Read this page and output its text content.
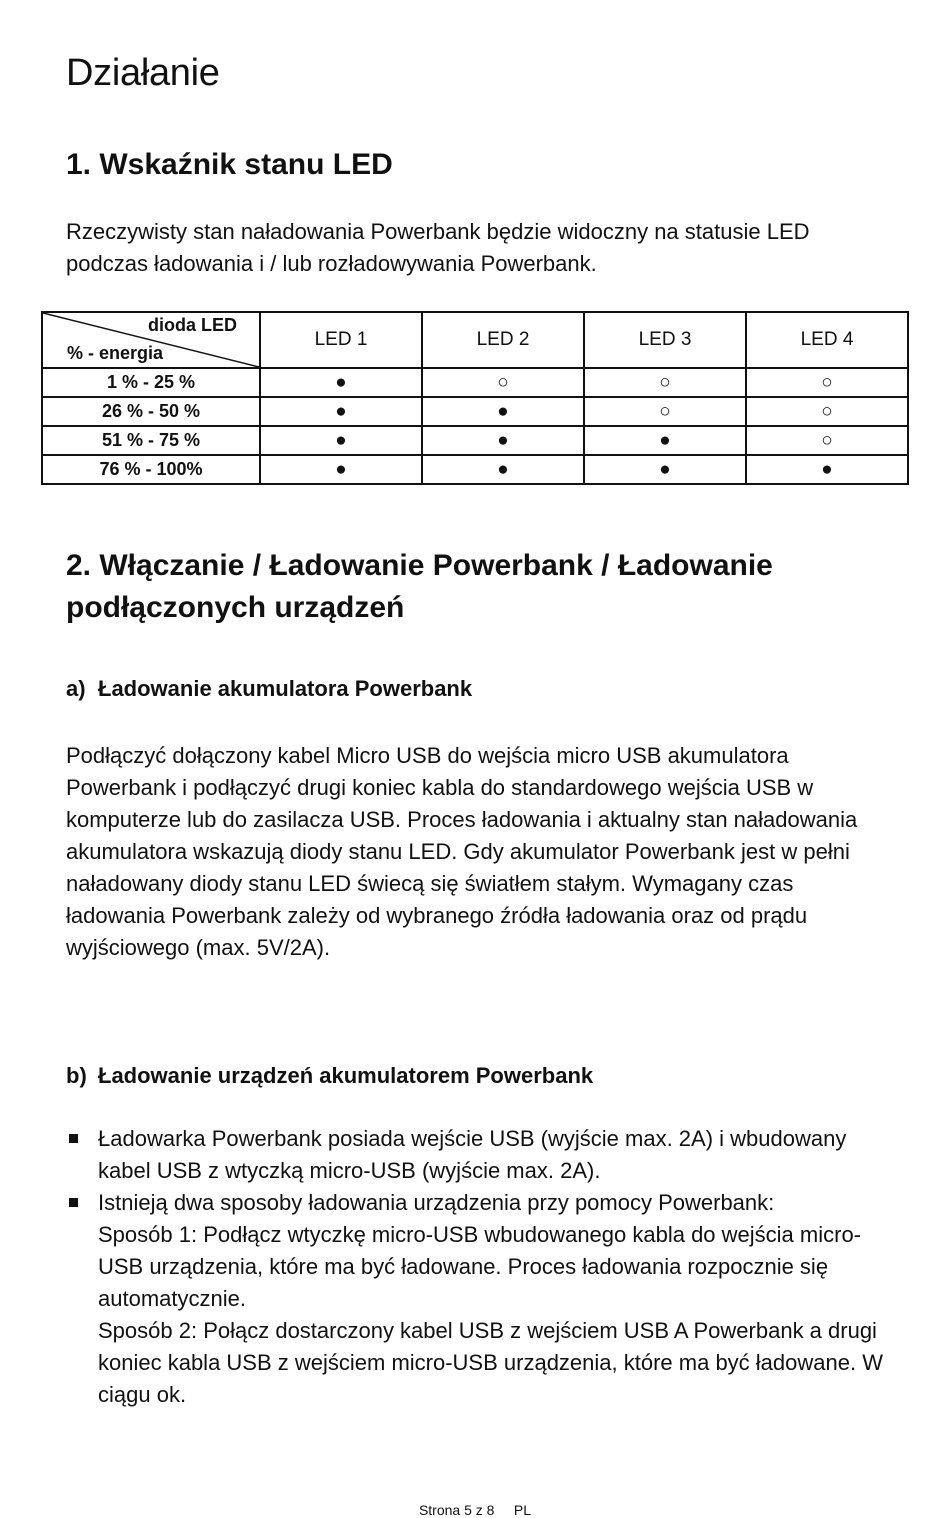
Działanie
1. Wskaźnik stanu LED
Rzeczywisty stan naładowania Powerbank będzie widoczny na statusie LED podczas ładowania i / lub rozładowywania Powerbank.
dioda LED
% - energia	LED 1	LED 2	LED 3	LED 4
1 % - 25 %	●	○	○	○
26 % - 50 %	●	●	○	○
51 % - 75 %	●	●	●	○
76 % - 100%	●	●	●	●
2. Włączanie / Ładowanie Powerbank / Ładowanie
podłączonych urządzeń
a) Ładowanie akumulatora Powerbank
Podłączyć dołączony kabel Micro USB do wejścia micro USB akumulatora Powerbank i podłączyć drugi koniec kabla do standardowego wejścia USB w komputerze lub do zasilacza USB. Proces ładowania i aktualny stan naładowania akumulatora wskazują diody stanu LED. Gdy akumulator Powerbank jest w pełni naładowany diody stanu LED świecą się światłem stałym. Wymagany czas ładowania Powerbank zależy od wybranego źródła ładowania oraz od prądu wyjściowego (max. 5V/2A).
b) Ładowanie urządzeń akumulatorem Powerbank
Ładowarka Powerbank posiada wejście USB (wyjście max. 2A) i wbudowany kabel USB z wtyczką micro-USB (wyjście max. 2A).
Istnieją dwa sposoby ładowania urządzenia przy pomocy Powerbank:
Sposób 1: Podłącz wtyczkę micro-USB wbudowanego kabla do wejścia micro-USB urządzenia, które ma być ładowane. Proces ładowania rozpocznie się automatycznie.
Sposób 2: Połącz dostarczony kabel USB z wejściem USB A Powerbank a drugi koniec kabla USB z wejściem micro-USB urządzenia, które ma być ładowane. W ciągu ok.
Strona 5 z 8 PL
